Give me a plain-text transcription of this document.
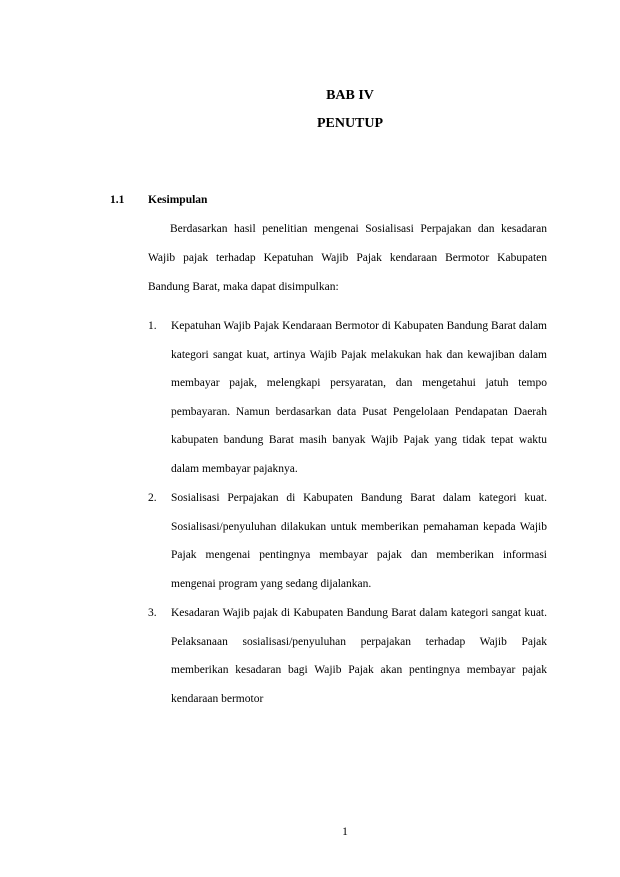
BAB IV
PENUTUP
1.1 Kesimpulan

Berdasarkan hasil penelitian mengenai Sosialisasi Perpajakan dan kesadaran Wajib pajak terhadap Kepatuhan Wajib Pajak kendaraan Bermotor Kabupaten Bandung Barat, maka dapat disimpulkan:

1. Kepatuhan Wajib Pajak Kendaraan Bermotor di Kabupaten Bandung Barat dalam kategori sangat kuat, artinya Wajib Pajak melakukan hak dan kewajiban dalam membayar pajak, melengkapi persyaratan, dan mengetahui jatuh tempo pembayaran. Namun berdasarkan data Pusat Pengelolaan Pendapatan Daerah kabupaten bandung Barat masih banyak Wajib Pajak yang tidak tepat waktu dalam membayar pajaknya.
2. Sosialisasi Perpajakan di Kabupaten Bandung Barat dalam kategori kuat. Sosialisasi/penyuluhan dilakukan untuk memberikan pemahaman kepada Wajib Pajak mengenai pentingnya membayar pajak dan memberikan informasi mengenai program yang sedang dijalankan.
3. Kesadaran Wajib pajak di Kabupaten Bandung Barat dalam kategori sangat kuat. Pelaksanaan sosialisasi/penyuluhan perpajakan terhadap Wajib Pajak memberikan kesadaran bagi Wajib Pajak akan pentingnya membayar pajak kendaraan bermotor
1
